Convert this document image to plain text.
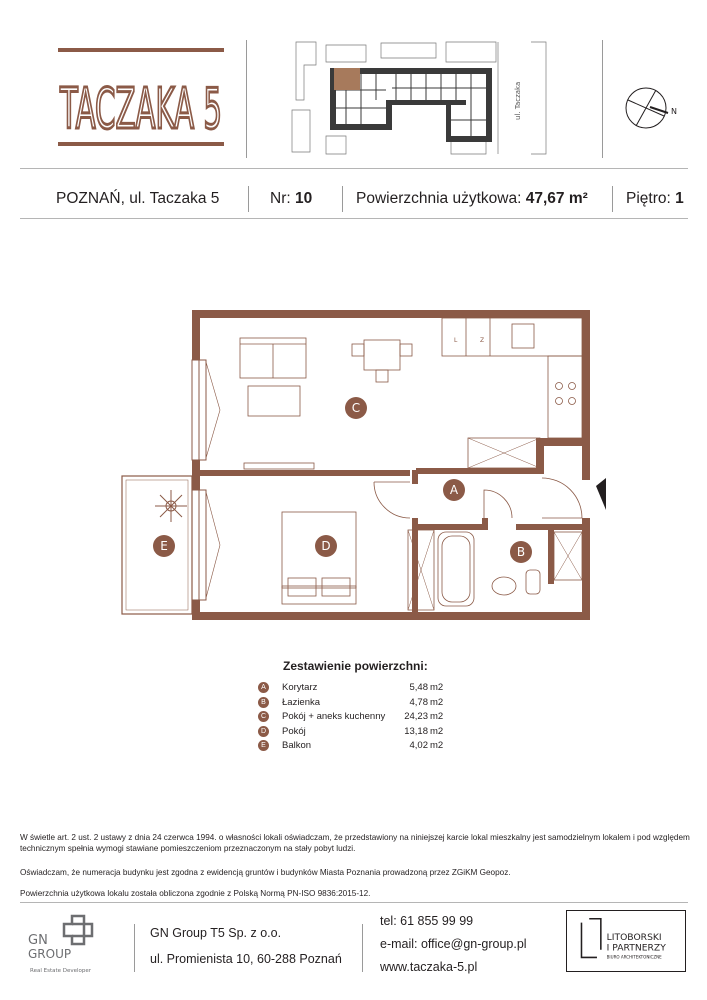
TACZAKA 5	ul. Taczaka	N
POZNAŃ, ul. Taczaka 5	Nr: 10	Powierzchnia użytkowa: 47,67 m² Piętro: 1
L	Z
C
A
B
D
E
Zestawienie powierzchni:
A	Korytarz	5,48 m2
B	Łazienka	4,78 m2
C	Pokój + aneks kuchenny 24,23 m2
D	Pokój	13,18 m2
E	Balkon	4,02 m2
W świetle art. 2 ust. 2 ustawy z dnia 24 czerwca 1994. o własności lokali oświadczam, że przedstawiony na niniejszej karcie lokal mieszkalny jest samodzielnym lokalem i pod względem technicznym spełnia wymogi stawiane pomieszczeniom przeznaczonym na stały pobyt ludzi.
Oświadczam, że numeracja budynku jest zgodna z ewidencją gruntów i budynków Miasta Poznania prowadzoną przez ZGiKM Geopoz.
Powierzchnia użytkowa lokalu została obliczona zgodnie z Polską Normą PN-ISO 9836:2015-12.
GN
GROUP
Real Estate Developer
GN Group T5 Sp. z o.o.
ul. Promienista 10, 60-288 Poznań
tel: 61 855 99 99
e-mail: office@gn-group.pl
www.taczaka-5.pl
LITOBORSKI
I PARTNERZY
BIURO ARCHITEKTONICZNE
